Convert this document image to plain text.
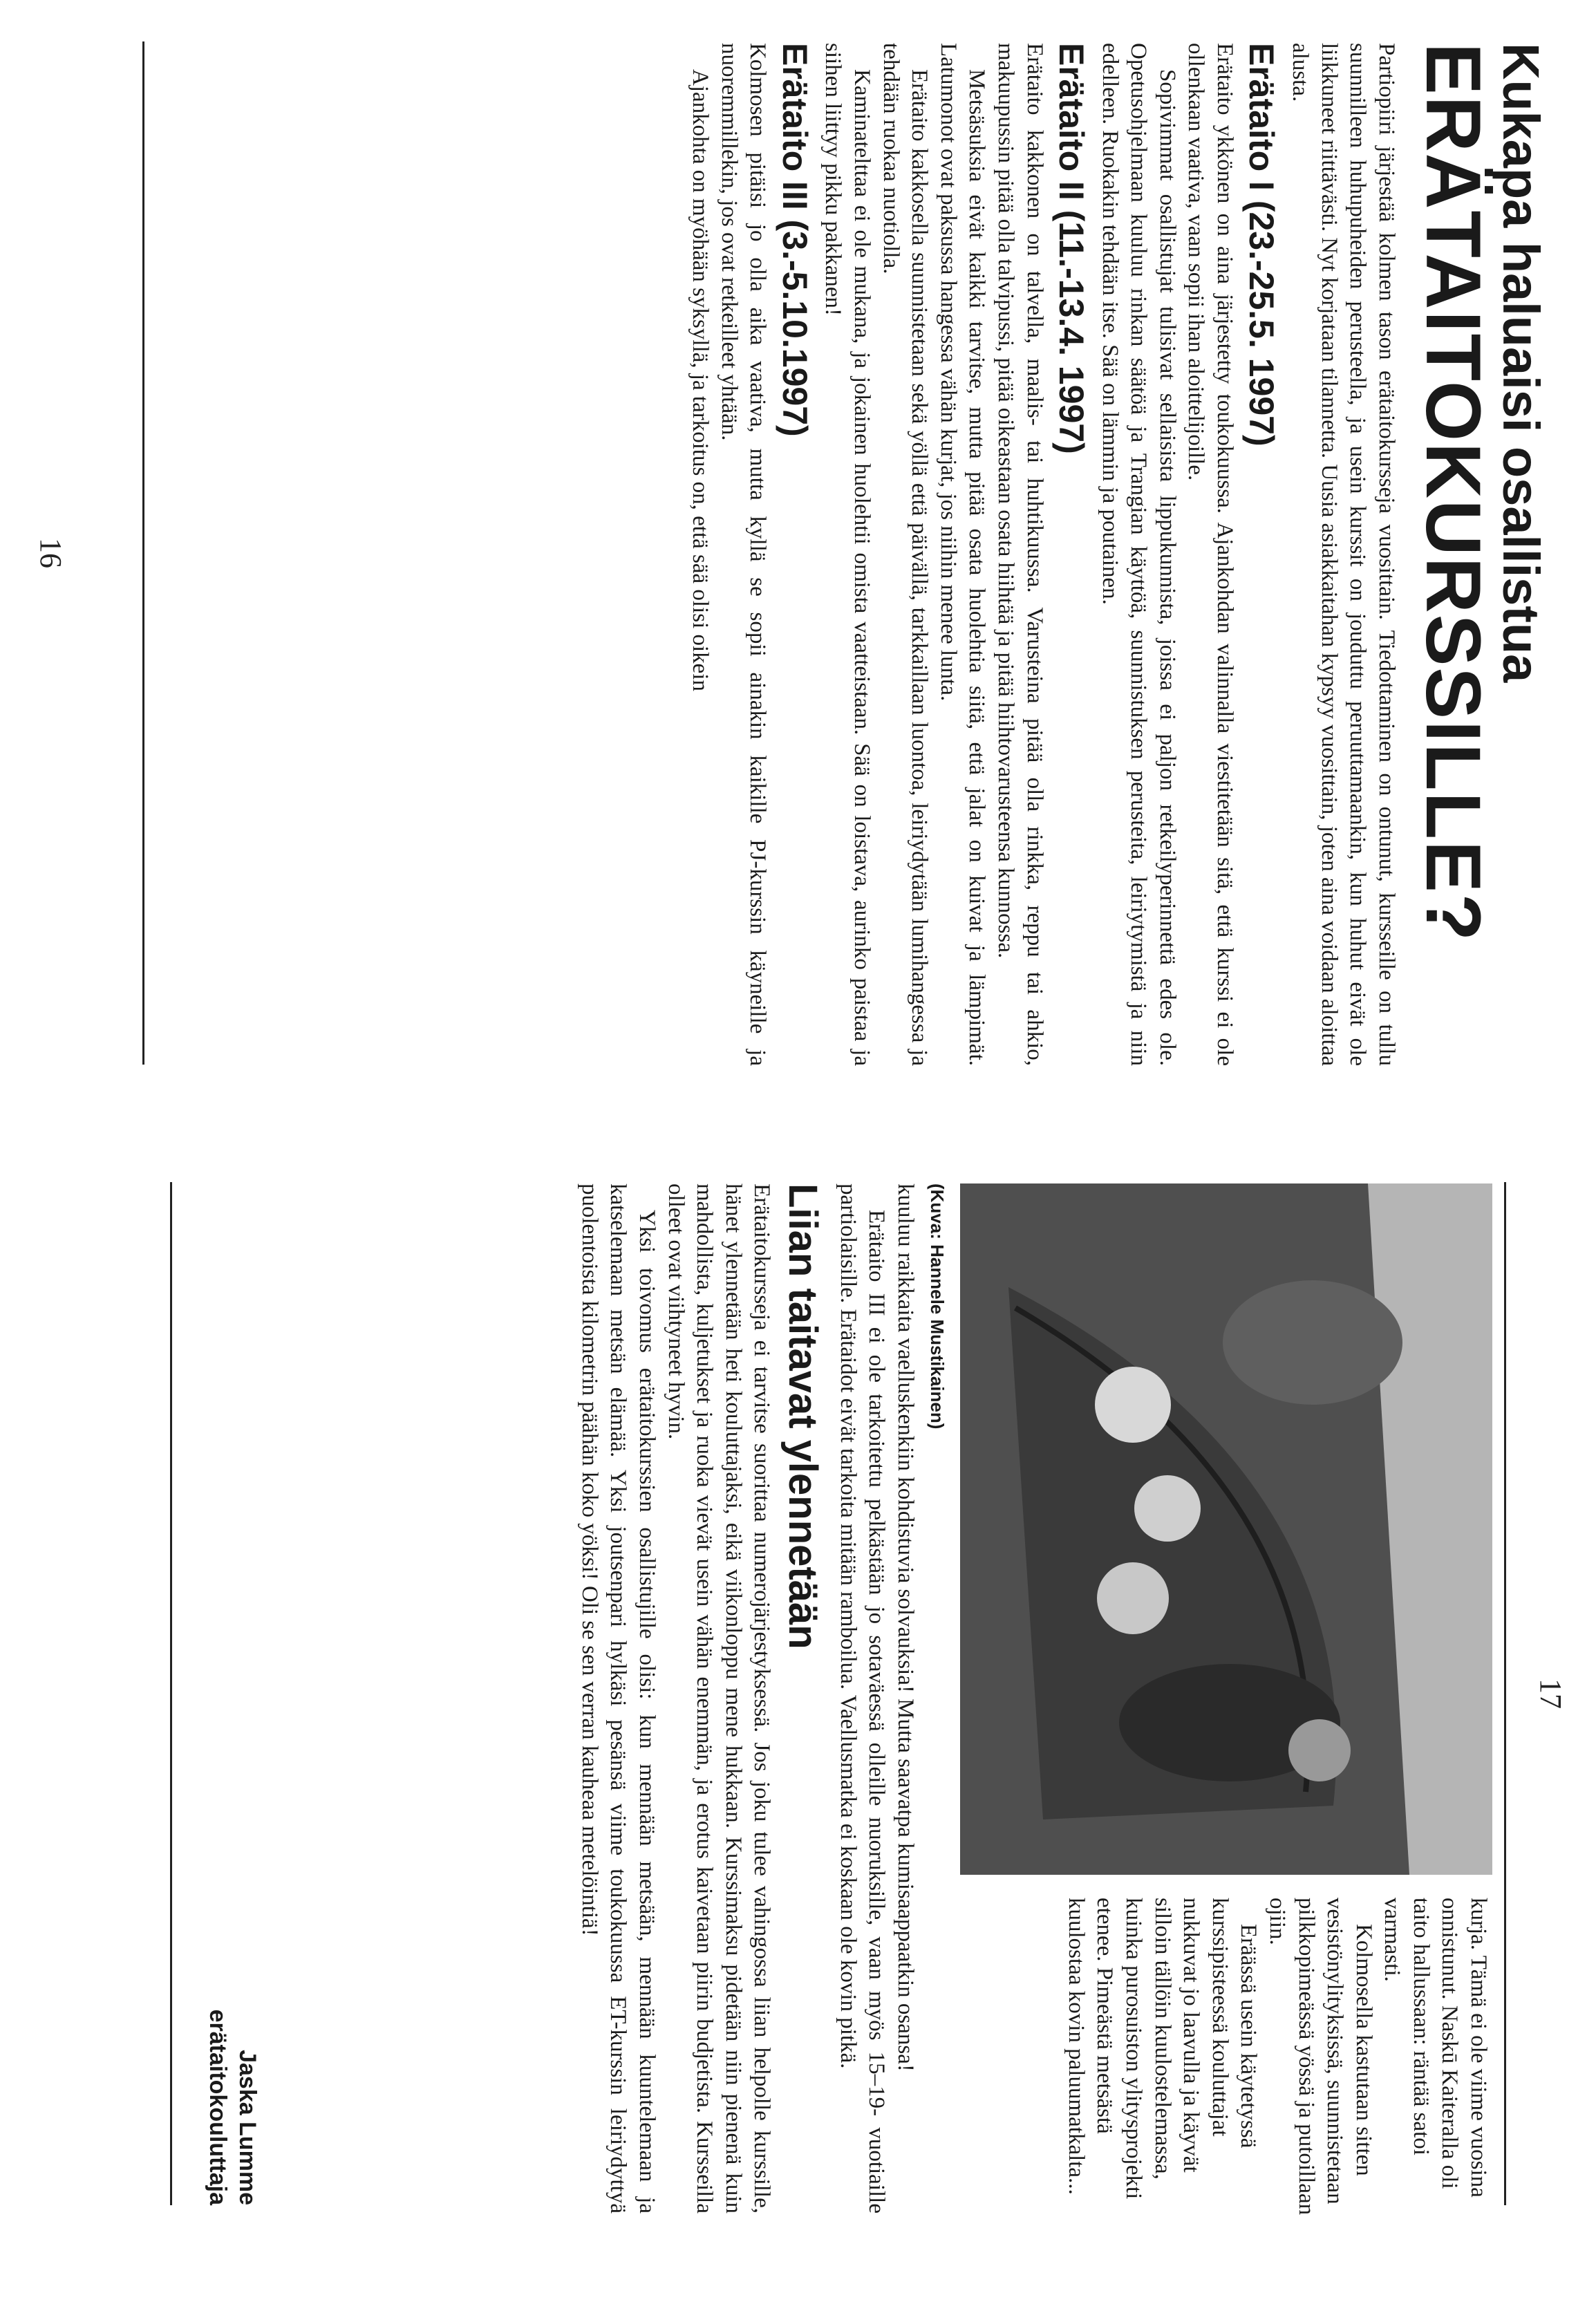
Kukapa haluaisi osallistua
ERÄTAITOKURSSILLE?

Partiopiiri järjestää kolmen tason erätaitokursseja vuosittain. Tiedottaminen on ontunut, kursseille on tullu suunnilleen huhupuheiden perusteella, ja usein kurssit on jouduttu peruuttamaankin, kun huhut eivät ole liikkuneet riittävästi. Nyt korjataan tilannetta. Uusia asiakkaitahan kypsyy vuosittain, joten aina voidaan aloittaa alusta.

Erätaito I (23.-25.5. 1997)

Erätaito ykkönen on aina järjestetty toukokuussa. Ajankohdan valinnalla viestitetään sitä, että kurssi ei ole ollenkaan vaativa, vaan sopii ihan aloittelijoille.

Sopivimmat osallistujat tulisivat sellaisista lippukunnista, joissa ei paljon retkeilyperinnettä edes ole. Opetusohjelmaan kuuluu rinkan säätöä ja Trangian käyttöä, suunnistuksen perusteita, leiriytymistä ja niin edelleen. Ruokakin tehdään itse. Sää on lämmin ja poutainen.

Erätaito II (11.-13.4. 1997)

Erätaito kakkonen on talvella, maalis- tai huhtikuussa. Varusteina pitää olla rinkka, reppu tai ahkio, makuupussin pitää olla talvipussi, pitää oikeastaan osata hiihtää ja pitää hiihtovarusteensa kunnossa.

Metsäsuksia eivät kaikki tarvitse, mutta pitää osata huolehtia siitä, että jalat on kuivat ja lämpimät. Latumonot ovat paksussa hangessa vähän kurjat, jos niihin menee lunta.

Erätaito kakkosella suunnistetaan sekä yöllä että päivällä, tarkkaillaan luontoa, leiriydytään lumihangessa ja tehdään ruokaa nuotiolla.

Kaminatelttaa ei ole mukana, ja jokainen huolehtii omista vaatteistaan. Sää on loistava, aurinko paistaa ja siihen liittyy pikku pakkanen!

Erätaito III (3.-5.10.1997)

Kolmosen pitäisi jo olla aika vaativa, mutta kyllä se sopii ainakin kaikille PJ-kurssin käyneille ja nuoremmillekin, jos ovat retkeilleet yhtään.

Ajankohta on myöhään syksyllä, ja tarkoitus on, että sää olisi oikein

16
17

kurja. Tämä ei ole viime vuosina onnistunut. Naskū Kaiteralla oli taito hallussaan: räntää satoi varmasti.

Kolmosella kastutaan sitten vesistönylityksissä, suunnistetaan pilkkopimeässä yössä ja putoillaan ojiin.

Eräässä usein käytetyssä kurssipisteessä kouluttajat nukkuvat jo laavulla ja käyvät silloin tällöin kuulostelemassa, kuinka purosuiston ylitysprojekti etenee. Pimeästä metsästä kuulostaa kovin paluumatkalta...

(Kuva: Hannele Mustikainen)

kuuluu raikkaita vaelluskenkiin kohdistuvia solvauksia! Mutta saavatpa kumisaappaatkin osansa!

Erätaito III ei ole tarkoitettu pelkästään jo sotaväessä olleille nuoruksille, vaan myös 15–19- vuotiaille partiolaisille. Erätaidot eivät tarkoita mitään ramboilua. Vaellusmatka ei koskaan ole kovin pitkä.

Liian taitavat ylennetään

Erätaitokursseja ei tarvitse suorittaa numerojärjestyksessä. Jos joku tulee vahingossa liian helpolle kurssille, hänet ylennetään heti kouluttajaksi, eikä viikonloppu mene hukkaan. Kurssimaksu pidetään niin pienenä kuin mahdollista, kuljetukset ja ruoka vievät usein vähän enemmän, ja erotus kaivetaan piirin budjetista. Kursseilla olleet ovat viihtyneet hyvin.

Yksi toivomus erätaitokurssien osallistujille olisi: kun mennään metsään, mennään kuuntelemaan ja katselemaan metsän elämää. Yksi joutsenpari hylkäsi pesänsä viime toukokuussa ET-kurssin leiriydyttyä puolentoista kilometrin päähän koko yöksi! Oli se sen verran kauheaa metelöintiä!

Jaska Lumme
erätaitokouluttaja
